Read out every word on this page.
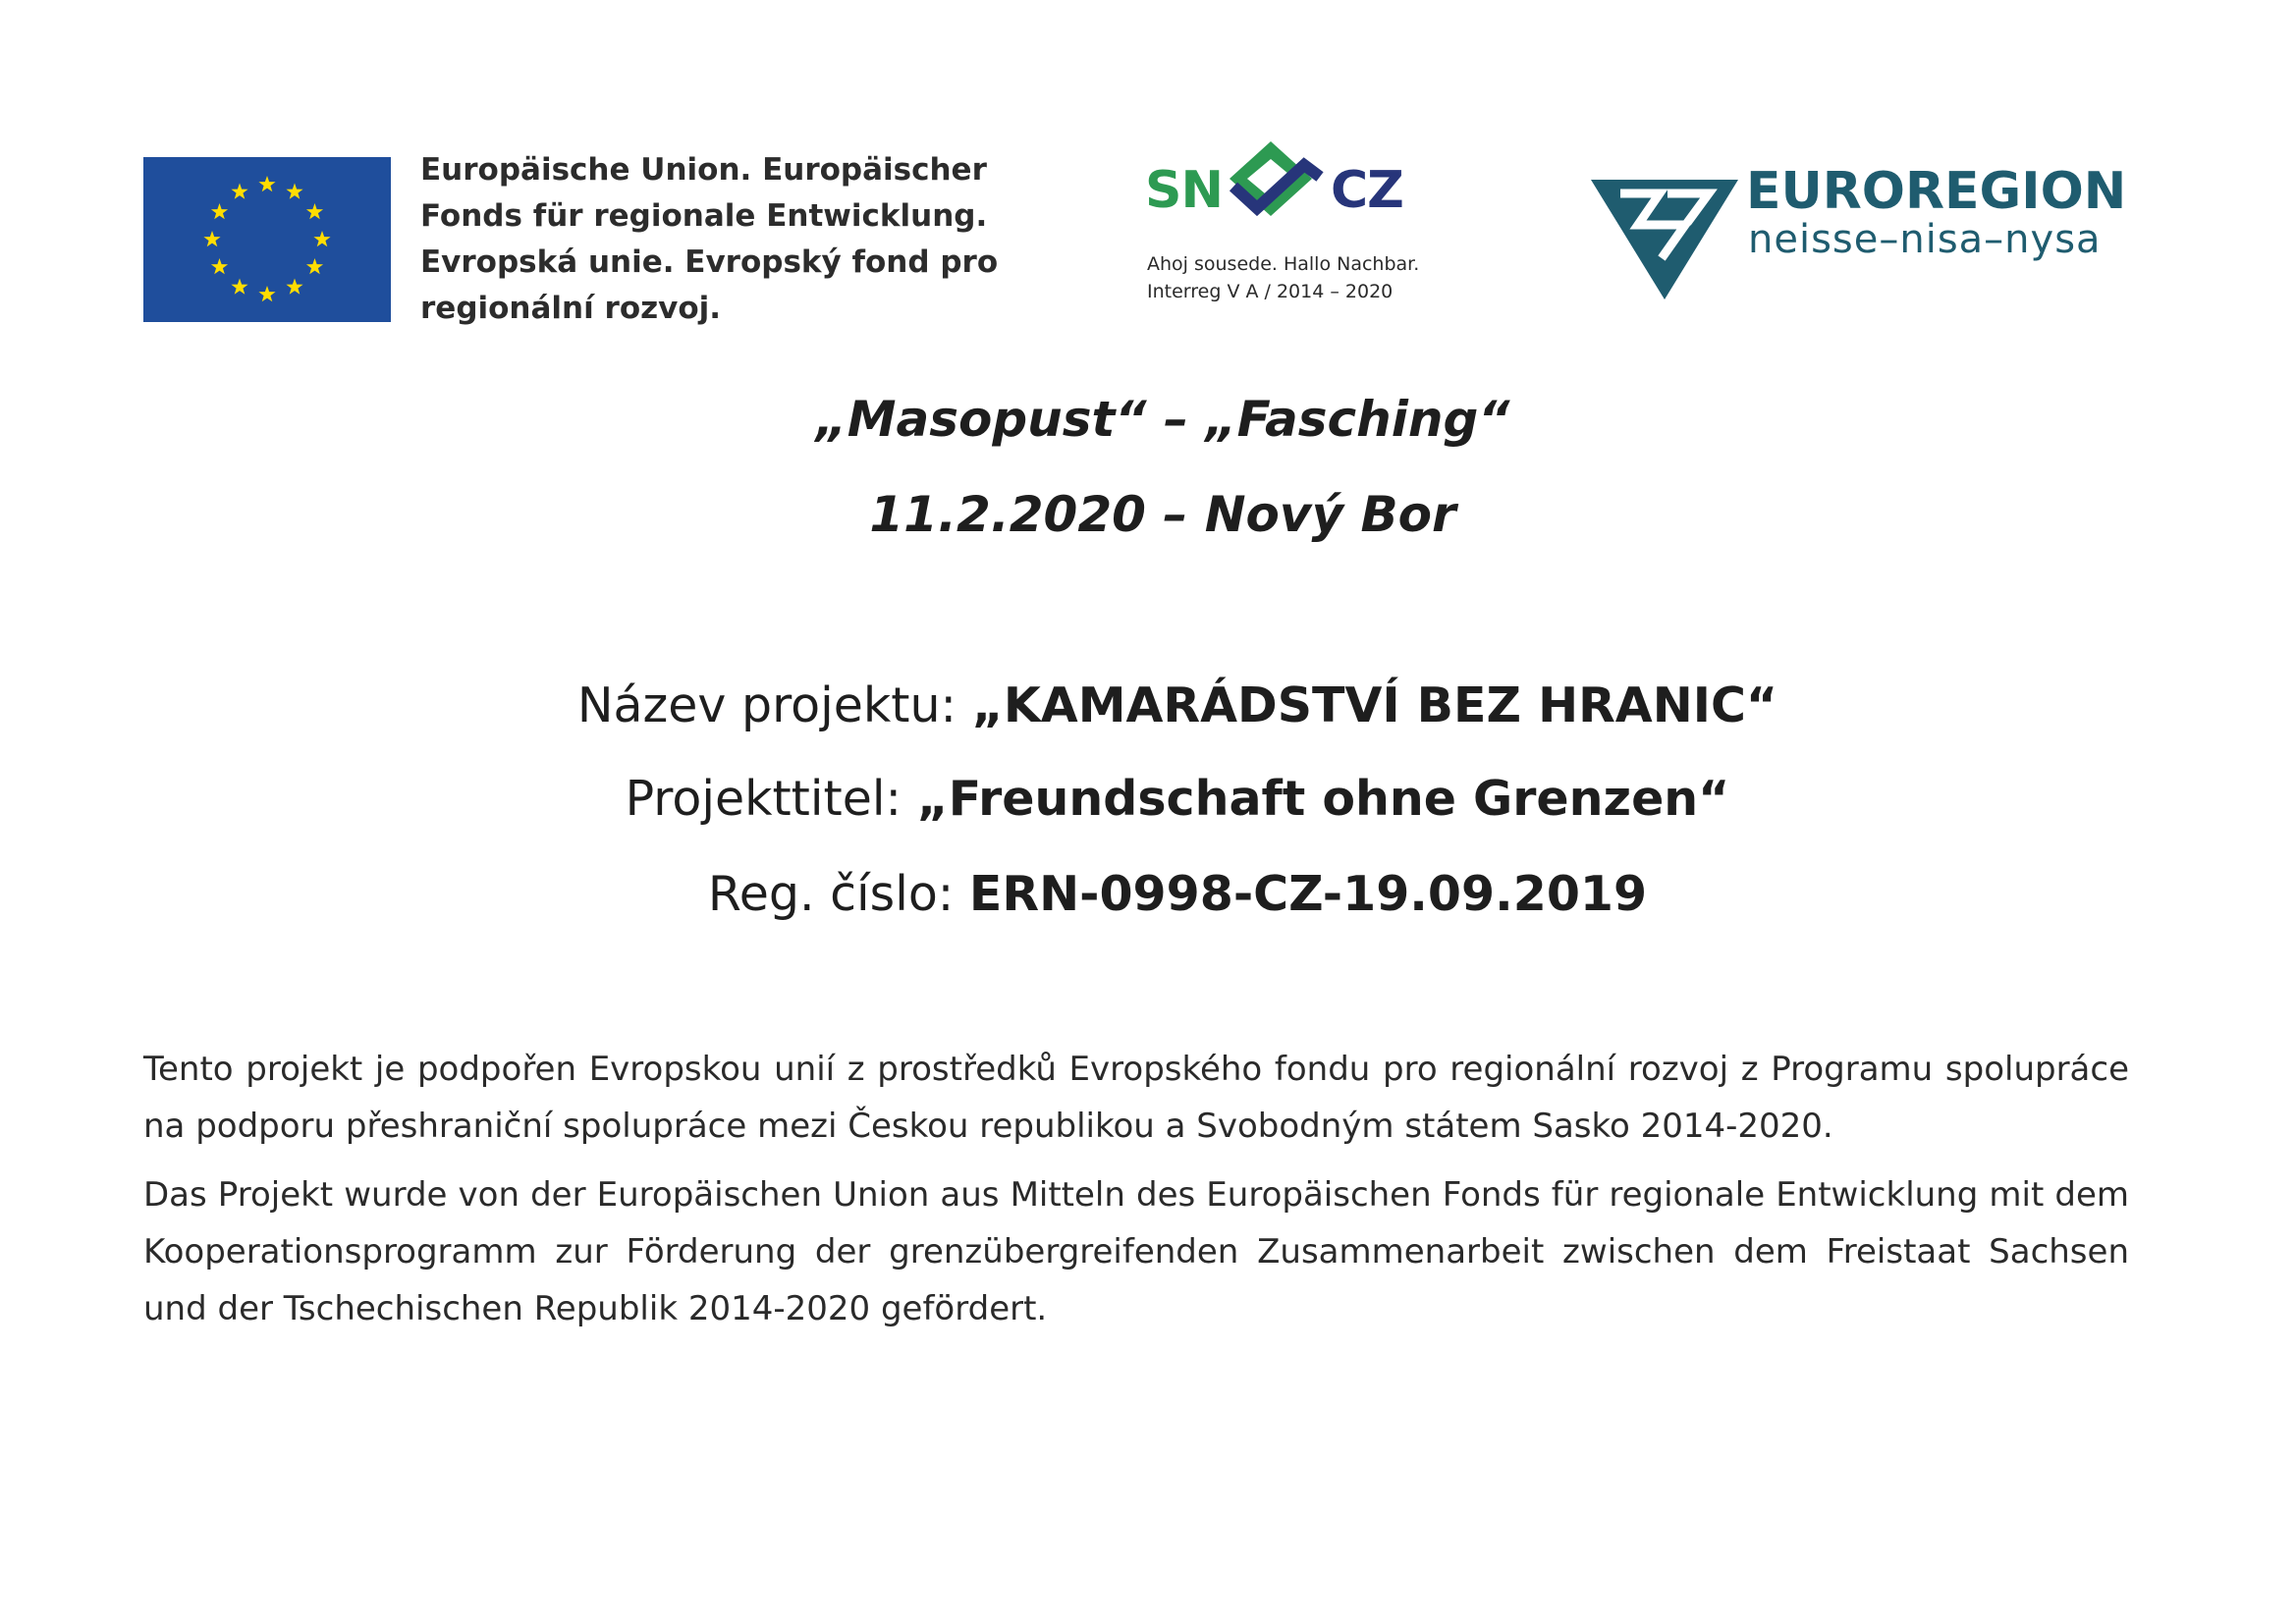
Europäische Union. Europäischer
Fonds für regionale Entwicklung.
Evropská unie. Evropský fond pro
regionální rozvoj.
SN CZ
Ahoj sousede. Hallo Nachbar.
Interreg V A / 2014 – 2020
EUROREGION
neisse–nisa–nysa
„Masopust“ – „Fasching“
11.2.2020 – Nový Bor
Název projektu: „KAMARÁDSTVÍ BEZ HRANIC“
Projekttitel: „Freundschaft ohne Grenzen“
Reg. číslo: ERN-0998-CZ-19.09.2019
Tento projekt je podpořen Evropskou unií z prostředků Evropského fondu pro regionální rozvoj z Programu spolupráce na podporu přeshraniční spolupráce mezi Českou republikou a Svobodným státem Sasko 2014-2020.
Das Projekt wurde von der Europäischen Union aus Mitteln des Europäischen Fonds für regionale Entwicklung mit dem Kooperationsprogramm zur Förderung der grenzübergreifenden Zusammenarbeit zwischen dem Freistaat Sachsen und der Tschechischen Republik 2014-2020 gefördert.
